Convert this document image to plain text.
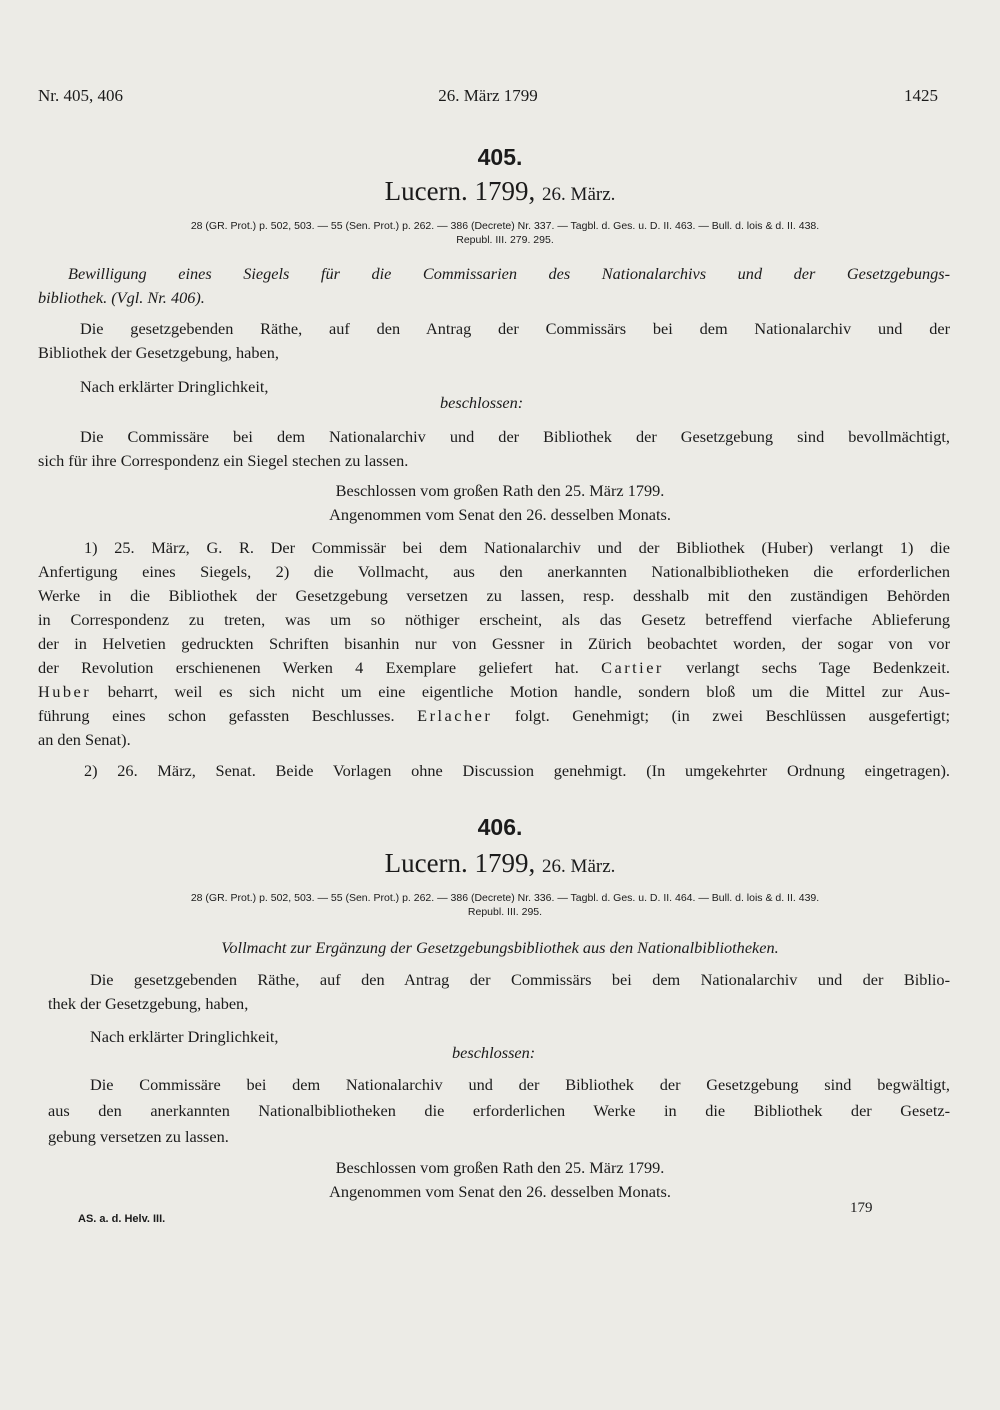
Nr. 405, 406	26. März 1799	1425
405.
Lucern. 1799, 26. März.
28 (GR. Prot.) p. 502, 503. — 55 (Sen. Prot.) p. 262. — 386 (Decrete) Nr. 337. — Tagbl. d. Ges. u. D. II. 463. — Bull. d. lois & d. II. 438.
Republ. III. 279. 295.
Bewilligung eines Siegels für die Commissarien des Nationalarchivs und der Gesetzgebungs-
bibliothek. (Vgl. Nr. 406).
Die gesetzgebenden Räthe, auf den Antrag der Commissärs bei dem Nationalarchiv und der
Bibliothek der Gesetzgebung, haben,
Nach erklärter Dringlichkeit,
beschlossen:
Die Commissäre bei dem Nationalarchiv und der Bibliothek der Gesetzgebung sind bevollmächtigt,
sich für ihre Correspondenz ein Siegel stechen zu lassen.
Beschlossen vom großen Rath den 25. März 1799.
Angenommen vom Senat den 26. desselben Monats.
1) 25. März, G. R. Der Commissär bei dem Nationalarchiv und der Bibliothek (Huber) verlangt 1) die
Anfertigung eines Siegels, 2) die Vollmacht, aus den anerkannten Nationalbibliotheken die erforderlichen
Werke in die Bibliothek der Gesetzgebung versetzen zu lassen, resp. desshalb mit den zuständigen Behörden
in Correspondenz zu treten, was um so nöthiger erscheint, als das Gesetz betreffend vierfache Ablieferung
der in Helvetien gedruckten Schriften bisanhin nur von Gessner in Zürich beobachtet worden, der sogar von vor
der Revolution erschienenen Werken 4 Exemplare geliefert hat. Cartier verlangt sechs Tage Bedenkzeit.
Huber beharrt, weil es sich nicht um eine eigentliche Motion handle, sondern bloß um die Mittel zur Aus-
führung eines schon gefassten Beschlusses. Erlacher folgt. Genehmigt; (in zwei Beschlüssen ausgefertigt;
an den Senat).
2) 26. März, Senat. Beide Vorlagen ohne Discussion genehmigt. (In umgekehrter Ordnung eingetragen).
406.
Lucern. 1799, 26. März.
28 (GR. Prot.) p. 502, 503. — 55 (Sen. Prot.) p. 262. — 386 (Decrete) Nr. 336. — Tagbl. d. Ges. u. D. II. 464. — Bull. d. lois & d. II. 439.
Republ. III. 295.
Vollmacht zur Ergänzung der Gesetzgebungsbibliothek aus den Nationalbibliotheken.
Die gesetzgebenden Räthe, auf den Antrag der Commissärs bei dem Nationalarchiv und der Biblio-
thek der Gesetzgebung, haben,
Nach erklärter Dringlichkeit,
beschlossen:
Die Commissäre bei dem Nationalarchiv und der Bibliothek der Gesetzgebung sind begwältigt,
aus den anerkannten Nationalbibliotheken die erforderlichen Werke in die Bibliothek der Gesetz-
gebung versetzen zu lassen.
Beschlossen vom großen Rath den 25. März 1799.
Angenommen vom Senat den 26. desselben Monats.
AS. a. d. Helv. III.
179
